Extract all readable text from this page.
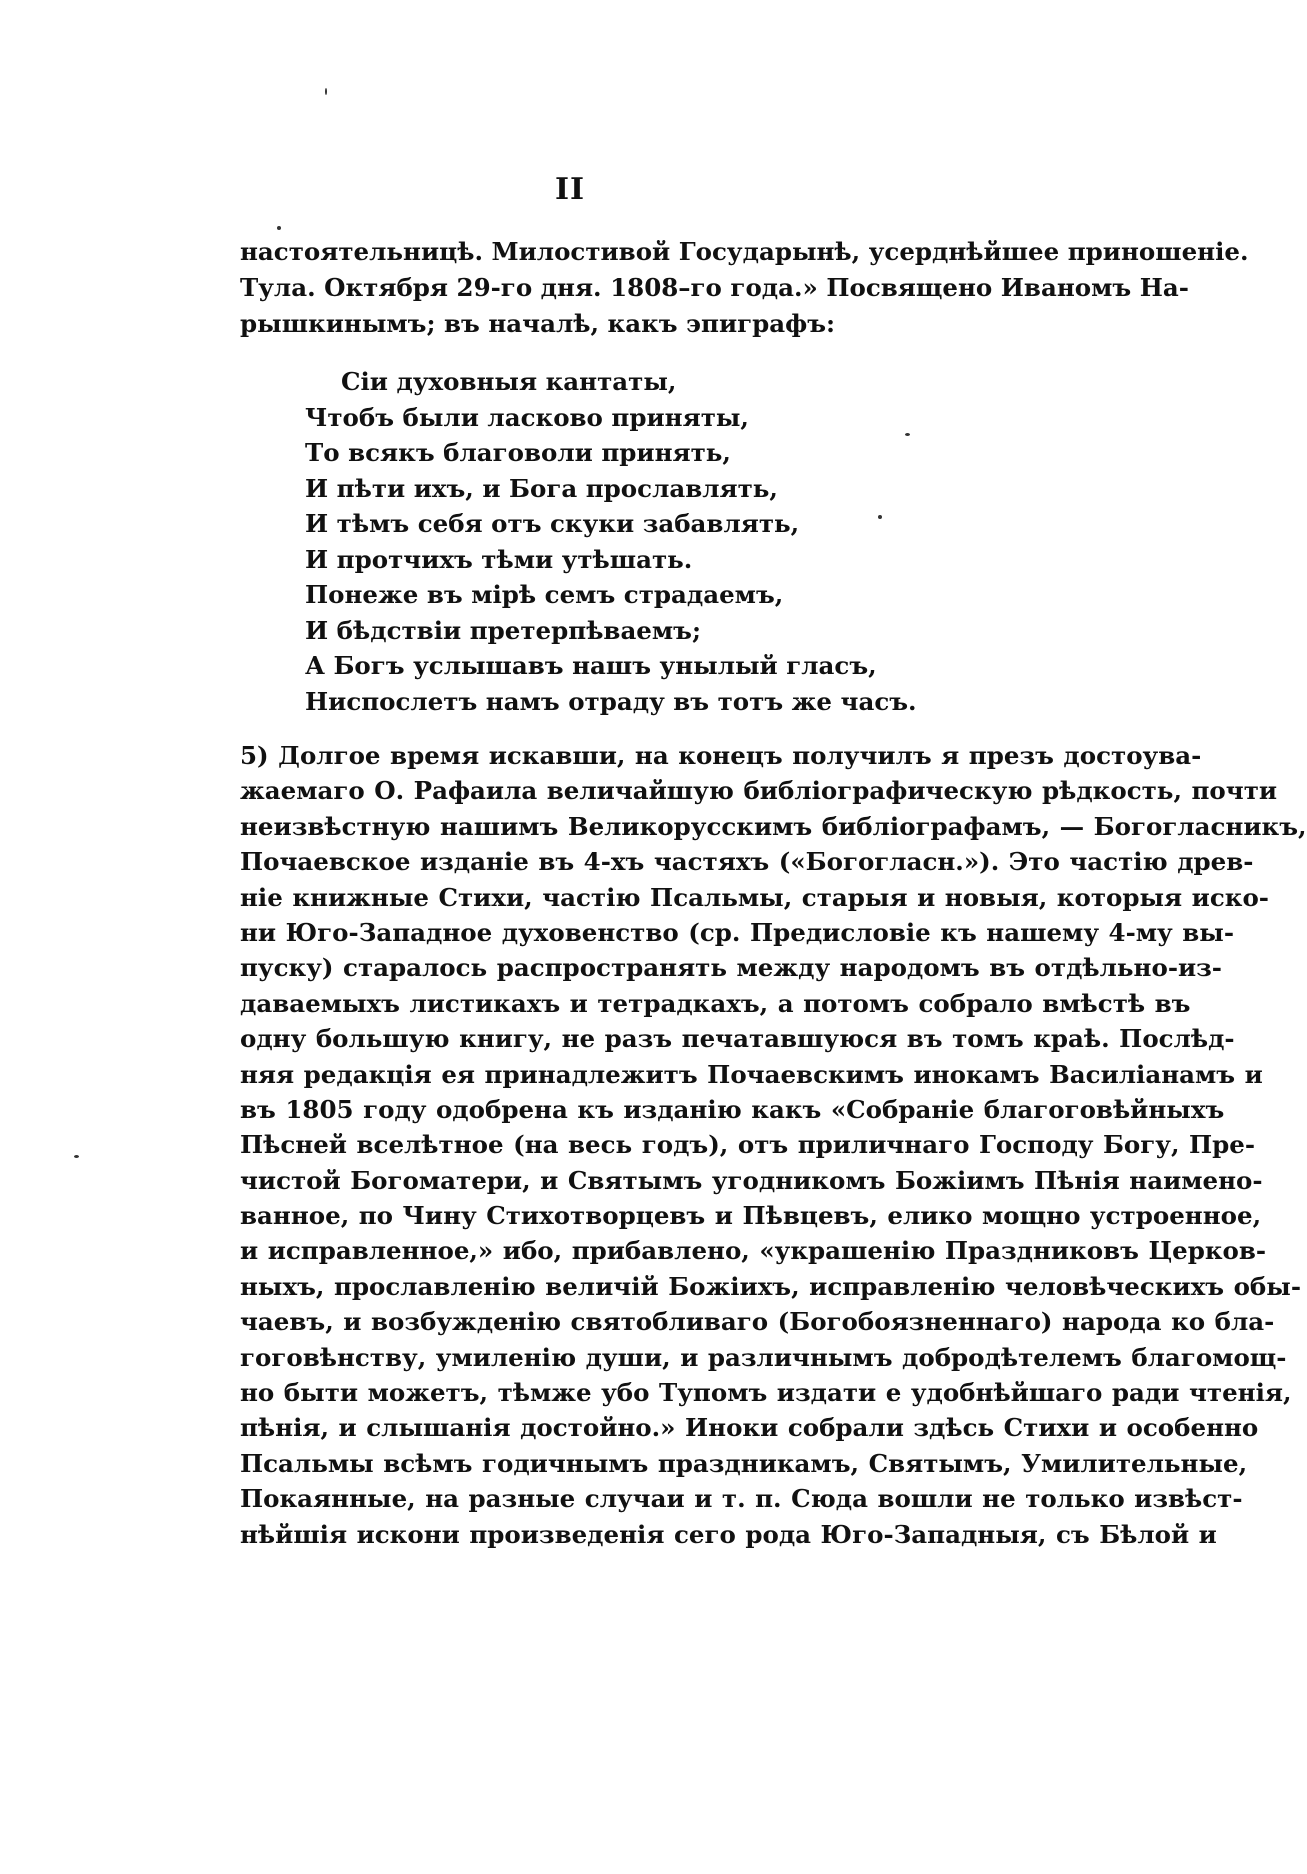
II
настоятельницѣ. Милостивой Государынѣ, усерднѣйшее приношеніе.
Тула. Октября 29-го дня. 1808–го года.» Посвящено Иваномъ На-
рышкинымъ; въ началѣ, какъ эпиграфъ:
Сіи духовныя кантаты,
Чтобъ были ласково приняты,
То всякъ благоволи принять,
И пѣти ихъ, и Бога прославлять,
И тѣмъ себя отъ скуки забавлять,
И протчихъ тѣми утѣшать.
Понеже въ мірѣ семъ страдаемъ,
И бѣдствіи претерпѣваемъ;
А Богъ услышавъ нашъ унылый гласъ,
Ниспослетъ намъ отраду въ тотъ же часъ.
5) Долгое время искавши, на конецъ получилъ я презъ достоува-
жаемаго О. Рафаила величайшую библіографическую рѣдкость, почти
неизвѣстную нашимъ Великорусскимъ библіографамъ, — Богогласникъ,
Почаевское изданіе въ 4-хъ частяхъ («Богогласн.»). Это частію древ-
ніе книжные Стихи, частію Псальмы, старыя и новыя, которыя иско-
ни Юго-Западное духовенство (ср. Предисловіе къ нашему 4-му вы-
пуску) старалось распространять между народомъ въ отдѣльно-из-
даваемыхъ листикахъ и тетрадкахъ, а потомъ собрало вмѣстѣ въ
одну большую книгу, не разъ печатавшуюся въ томъ краѣ. Послѣд-
няя редакція ея принадлежитъ Почаевскимъ инокамъ Василіанамъ и
въ 1805 году одобрена къ изданію какъ «Собраніе благоговѣйныхъ
Пѣсней вселѣтное (на весь годъ), отъ приличнаго Господу Богу, Пре-
чистой Богоматери, и Святымъ угодникомъ Божіимъ Пѣнія наимено-
ванное, по Чину Стихотворцевъ и Пѣвцевъ, елико мощно устроенное,
и исправленное,» ибо, прибавлено, «украшенію Праздниковъ Церков-
ныхъ, прославленію величій Божіихъ, исправленію человѣческихъ обы-
чаевъ, и возбужденію святобливаго (Богобоязненнаго) народа ко бла-
гоговѣнству, умиленію души, и различнымъ добродѣтелемъ благомощ-
но быти можетъ, тѣмже убо Тупомъ издати е удобнѣйшаго ради чтенія,
пѣнія, и слышанія достойно.» Иноки собрали здѣсь Стихи и особенно
Псальмы всѣмъ годичнымъ праздникамъ, Святымъ, Умилительные,
Покаянные, на разные случаи и т. п. Сюда вошли не только извѣст-
нѣйшія искони произведенія сего рода Юго-Западныя, съ Бѣлой и
